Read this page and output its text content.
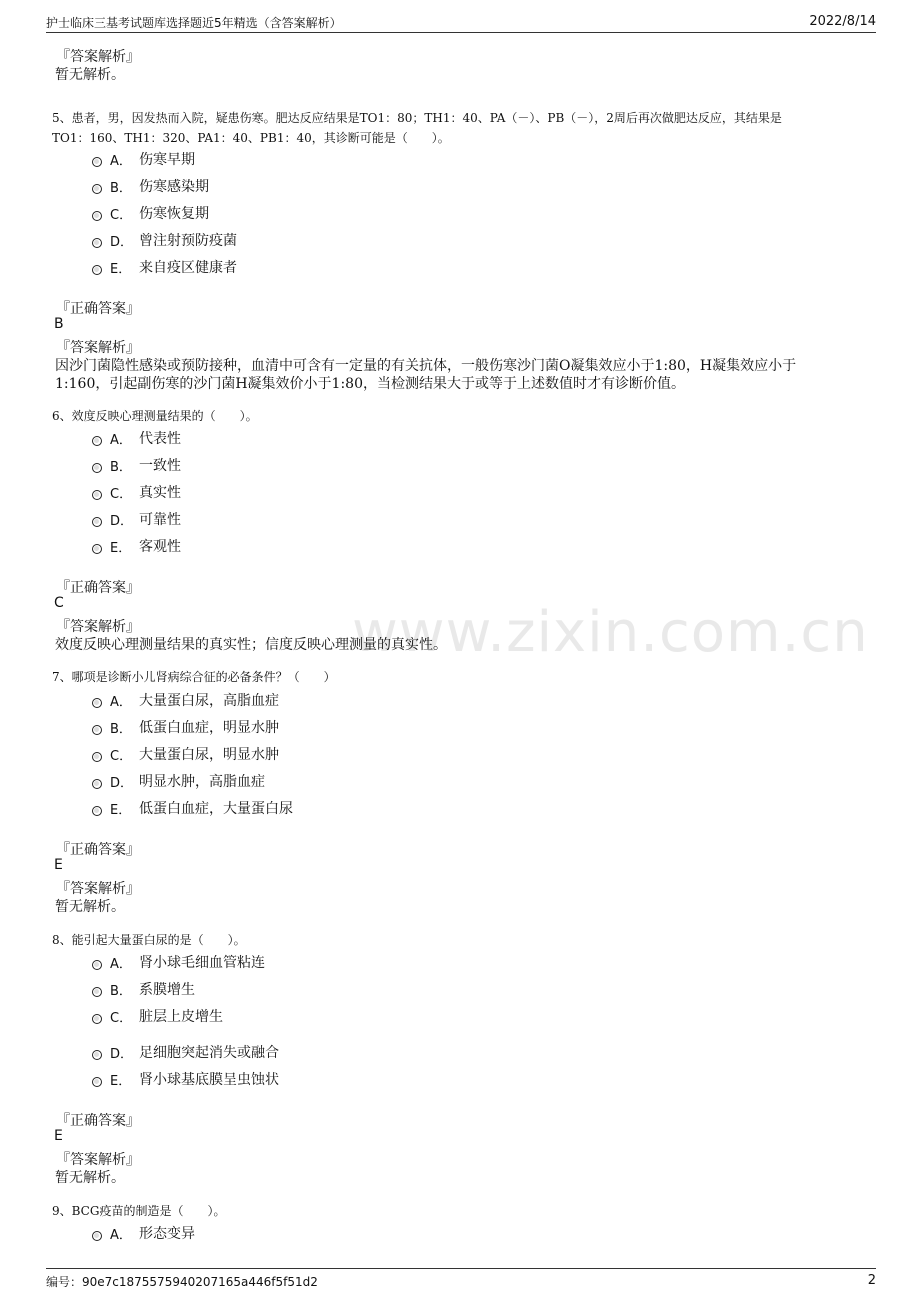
护士临床三基考试题库选择题近5年精选（含答案解析）	2022/8/14
www.zixin.com.cn
『答案解析』
暂无解析。
5、患者，男，因发热而入院，疑患伤寒。肥达反应结果是TO1：80；TH1：40、PA（－）、PB（－），2周后再次做肥达反应，其结果是
TO1：160、TH1：320、PA1：40、PB1：40，其诊断可能是（　　）。
A． 伤寒早期
B． 伤寒感染期
C． 伤寒恢复期
D． 曾注射预防疫菌
E． 来自疫区健康者
『正确答案』
B
『答案解析』
因沙门菌隐性感染或预防接种，血清中可含有一定量的有关抗体，一般伤寒沙门菌O凝集效应小于1:80，H凝集效应小于
1:160，引起副伤寒的沙门菌H凝集效价小于1:80，当检测结果大于或等于上述数值时才有诊断价值。
6、效度反映心理测量结果的（　　）。
A． 代表性
B． 一致性
C． 真实性
D． 可靠性
E． 客观性
『正确答案』
C
『答案解析』
效度反映心理测量结果的真实性；信度反映心理测量的真实性。
7、哪项是诊断小儿肾病综合征的必备条件？（　　）
A． 大量蛋白尿，高脂血症
B． 低蛋白血症，明显水肿
C． 大量蛋白尿，明显水肿
D． 明显水肿，高脂血症
E． 低蛋白血症，大量蛋白尿
『正确答案』
E
『答案解析』
暂无解析。
8、能引起大量蛋白尿的是（　　）。
A． 肾小球毛细血管粘连
B． 系膜增生
C． 脏层上皮增生
D． 足细胞突起消失或融合
E． 肾小球基底膜呈虫蚀状
『正确答案』
E
『答案解析』
暂无解析。
9、BCG疫苗的制造是（　　）。
A． 形态变异
编号：90e7c1875575940207165a446f5f51d2	2
